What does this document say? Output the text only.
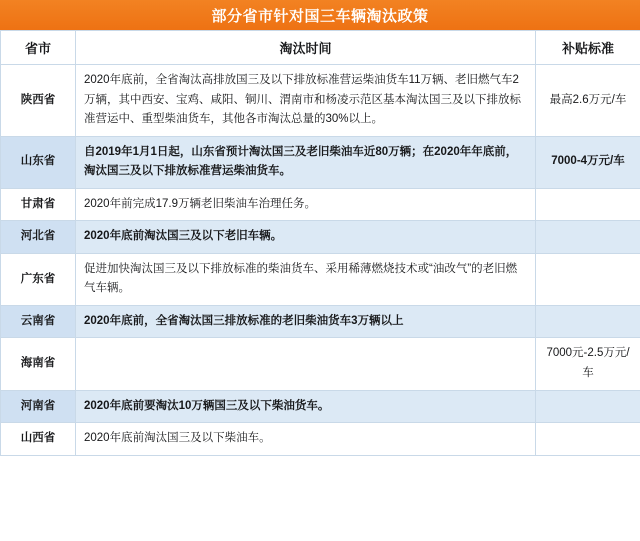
部分省市针对国三车辆淘汰政策
省市	淘汰时间	补贴标准
陕西省	2020年底前，全省淘汰高排放国三及以下排放标准营运柴油货车11万辆、老旧燃气车2万辆，其中西安、宝鸡、咸阳、铜川、渭南市和杨凌示范区基本淘汰国三及以下排放标准营运中、重型柴油货车，其他各市淘汰总量的30%以上。	最高2.6万元/车
山东省	自2019年1月1日起，山东省预计淘汰国三及老旧柴油车近80万辆；在2020年年底前，淘汰国三及以下排放标准营运柴油货车。	7000-4万元/车
甘肃省	2020年前完成17.9万辆老旧柴油车治理任务。	
河北省	2020年底前淘汰国三及以下老旧车辆。	
广东省	促进加快淘汰国三及以下排放标准的柴油货车、采用稀薄燃烧技术或“油改气”的老旧燃气车辆。	
云南省	2020年底前，全省淘汰国三排放标准的老旧柴油货车3万辆以上	
海南省		7000元-2.5万元/车
河南省	2020年底前要淘汰10万辆国三及以下柴油货车。	
山西省	2020年底前淘汰国三及以下柴油车。	
